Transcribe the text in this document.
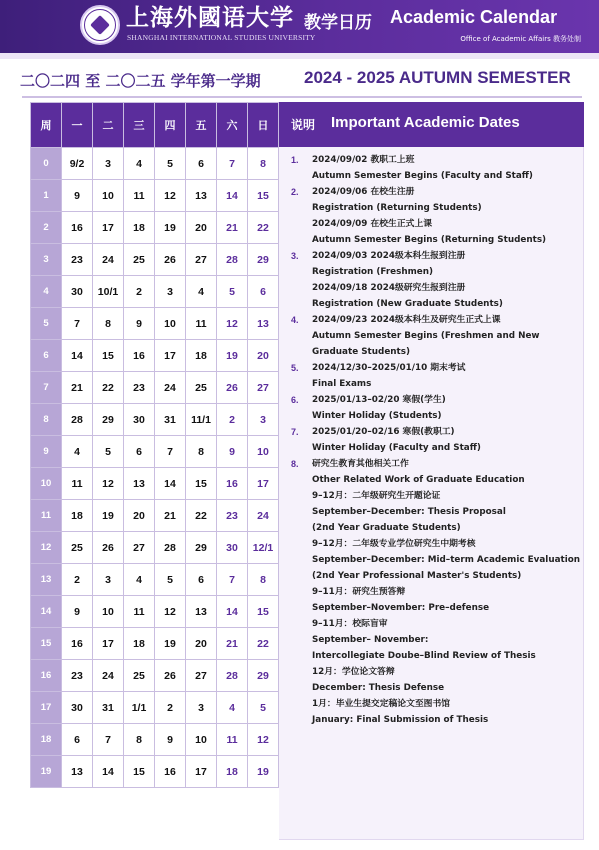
上海外國语大学
SHANGHAI INTERNATIONAL STUDIES UNIVERSITY
教学日历 Academic Calendar
Office of Academic Affairs 教务处制
二〇二四 至 二〇二五 学年第一学期	2024 - 2025 AUTUMN SEMESTER
周	一	二	三	四	五	六	日
0	9/2	3	4	5	6	7	8
1	9	10	11	12	13	14	15
2	16	17	18	19	20	21	22
3	23	24	25	26	27	28	29
4	30	10/1	2	3	4	5	6
5	7	8	9	10	11	12	13
6	14	15	16	17	18	19	20
7	21	22	23	24	25	26	27
8	28	29	30	31	11/1	2	3
9	4	5	6	7	8	9	10
10	11	12	13	14	15	16	17
11	18	19	20	21	22	23	24
12	25	26	27	28	29	30	12/1
13	2	3	4	5	6	7	8
14	9	10	11	12	13	14	15
15	16	17	18	19	20	21	22
16	23	24	25	26	27	28	29
17	30	31	1/1	2	3	4	5
18	6	7	8	9	10	11	12
19	13	14	15	16	17	18	19
说明 Important Academic Dates
1. 2024/09/02 教职工上班
Autumn Semester Begins (Faculty and Staff)
2. 2024/09/06 在校生注册
Registration (Returning Students)
2024/09/09 在校生正式上课
Autumn Semester Begins (Returning Students)
3. 2024/09/03 2024级本科生报到注册
Registration (Freshmen)
2024/09/18 2024级研究生报到注册
Registration (New Graduate Students)
4. 2024/09/23 2024级本科生及研究生正式上课
Autumn Semester Begins (Freshmen and New Graduate Students)
5. 2024/12/30–2025/01/10 期末考试
Final Exams
6. 2025/01/13–02/20 寒假(学生)
Winter Holiday (Students)
7. 2025/01/20–02/16 寒假(教职工)
Winter Holiday (Faculty and Staff)
8. 研究生教育其他相关工作
Other Related Work of Graduate Education
9–12月：二年级研究生开题论证
September–December: Thesis Proposal
(2nd Year Graduate Students)
9–12月：二年级专业学位研究生中期考核
September–December: Mid–term Academic Evaluation (2nd Year Professional Master's Students)
9–11月：研究生预答辩
September–November: Pre–defense
9–11月：校际盲审
September– November:
Intercollegiate Doube–Blind Review of Thesis
12月：学位论文答辩
December: Thesis Defense
1月：毕业生提交定稿论文至图书馆
January: Final Submission of Thesis
